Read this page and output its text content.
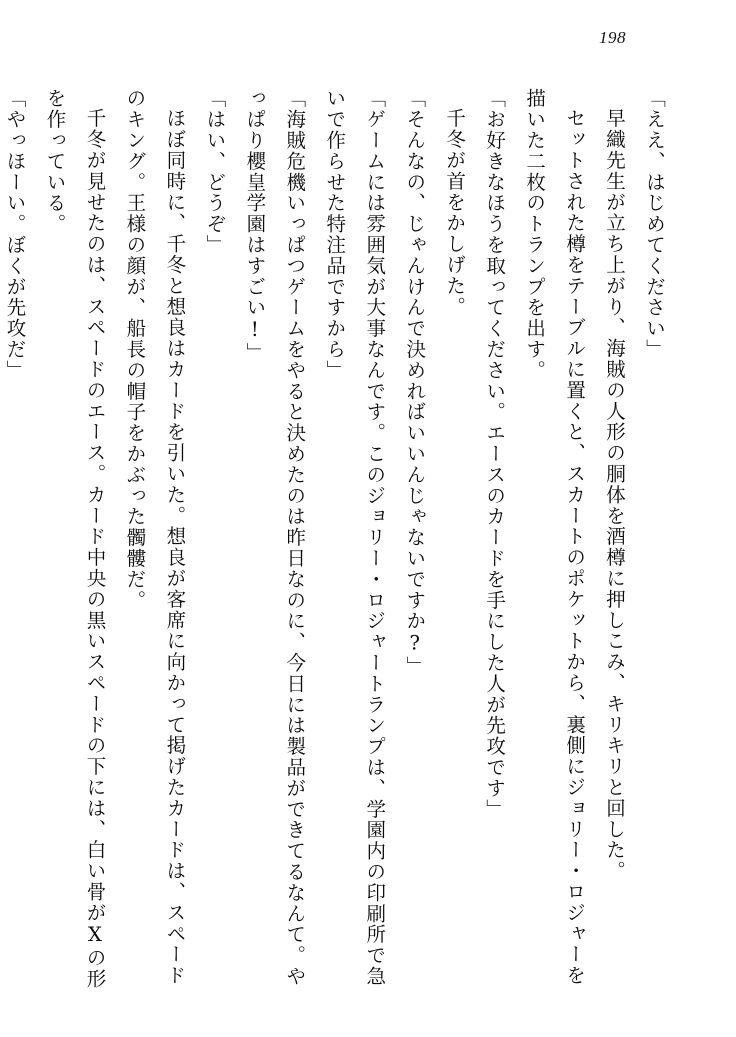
198
「ええ、はじめてください」
早織先生が立ち上がり、海賊の人形の胴体を酒樽に押しこみ、キリキリと回した。
セットされた樽をテーブルに置くと、スカートのポケットから、裏側にジョリー・ロジャーを描いた二枚のトランプを出す。
「お好きなほうを取ってください。エースのカードを手にした人が先攻です」
千冬が首をかしげた。
「そんなの、じゃんけんで決めればいいんじゃないですか?」
「ゲームには雰囲気が大事なんです。このジョリー・ロジャートランプは、学園内の印刷所で急いで作らせた特注品ですから」
「海賊危機いっぱつゲームをやると決めたのは昨日なのに、今日には製品ができてるなんて。やっぱり櫻皇学園はすごい!」
「はい、どうぞ」
ほぼ同時に、千冬と想良はカードを引いた。想良が客席に向かって掲げたカードは、スペードのキング。王様の顔が、船長の帽子をかぶった髑髏だ。
千冬が見せたのは、スペードのエース。カード中央の黒いスペードの下には、白い骨がXの形を作っている。
「やっほーい。ぼくが先攻だ」
